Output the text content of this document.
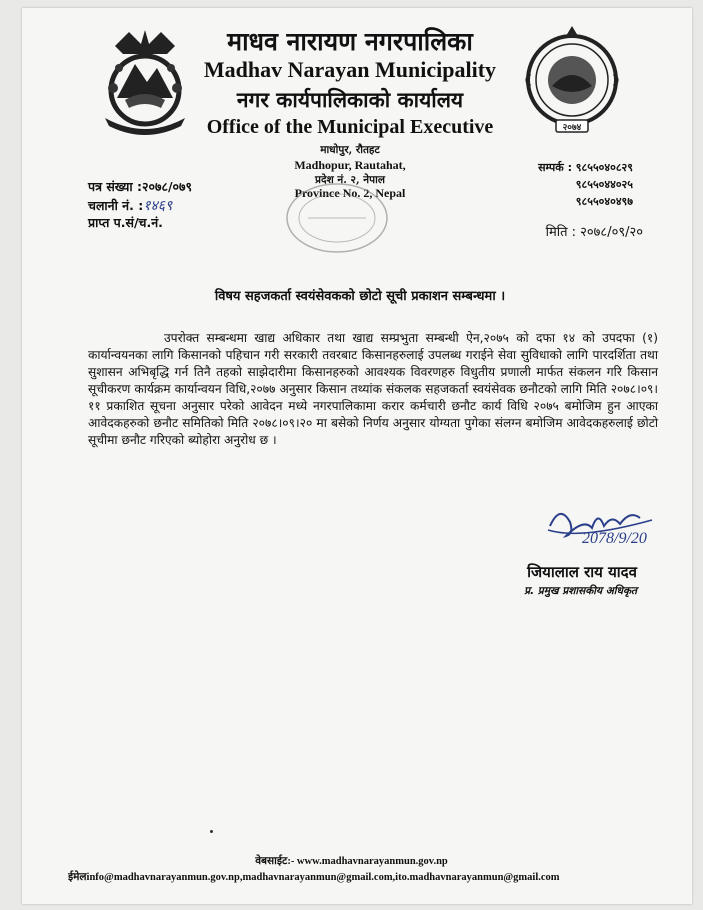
२०७४
माधव नारायण नगरपालिका
Madhav Narayan Municipality
नगर कार्यपालिकाको कार्यालय
Office of the Municipal Executive
माधोपुर, रौतहट
Madhopur, Rautahat,
प्रदेश नं. २, नेपाल
Province No. 2, Nepal
पत्र संख्या :२०७८/०७९
चलानी नं. :१४६९
प्राप्त प.सं/च.नं.
सम्पर्क : ९८५५०४०८२९
९८५५०४४०२५
९८५५०४०४९७
मिति : २०७८/०९/२०
विषय सहजकर्ता स्वयंसेवकको छोटो सूची प्रकाशन सम्बन्धमा ।
उपरोक्त सम्बन्धमा खाद्य अधिकार तथा खाद्य सम्प्रभुता सम्बन्धी ऐन,२०७५ को दफा १४ को उपदफा (१) कार्यान्वयनका लागि किसानको पहिचान गरी सरकारी तवरबाट किसानहरुलाई उपलब्ध गराईने सेवा सुविधाको लागि पारदर्शिता तथा सुशासन अभिबृद्धि गर्न तिनै तहको साझेदारीमा किसानहरुको आवश्यक विवरणहरु विधुतीय प्रणाली मार्फत संकलन गरि किसान सूचीकरण कार्यक्रम कार्यान्वयन विधि,२०७७ अनुसार किसान तथ्यांक संकलक सहजकर्ता स्वयंसेवक छनौटको लागि मिति २०७८।०९।११ प्रकाशित सूचना अनुसार परेको आवेदन मध्ये नगरपालिकामा करार कर्मचारी छनौट कार्य विधि २०७५ बमोजिम हुन आएका आवेदकहरुको छनौट समितिको मिति २०७८।०९।२० मा बसेको निर्णय अनुसार योग्यता पुगेका संलग्न बमोजिम आवेदकहरुलाई छोटो सूचीमा छनौट गरिएको ब्योहोरा अनुरोध छ ।
2078/9/20
जियालाल राय यादव
प्र. प्रमुख प्रशासकीय अधिकृत
वेबसाईट:- www.madhavnarayanmun.gov.np
ईमेलinfo@madhavnarayanmun.gov.np,madhavnarayanmun@gmail.com,ito.madhavnarayanmun@gmail.com
